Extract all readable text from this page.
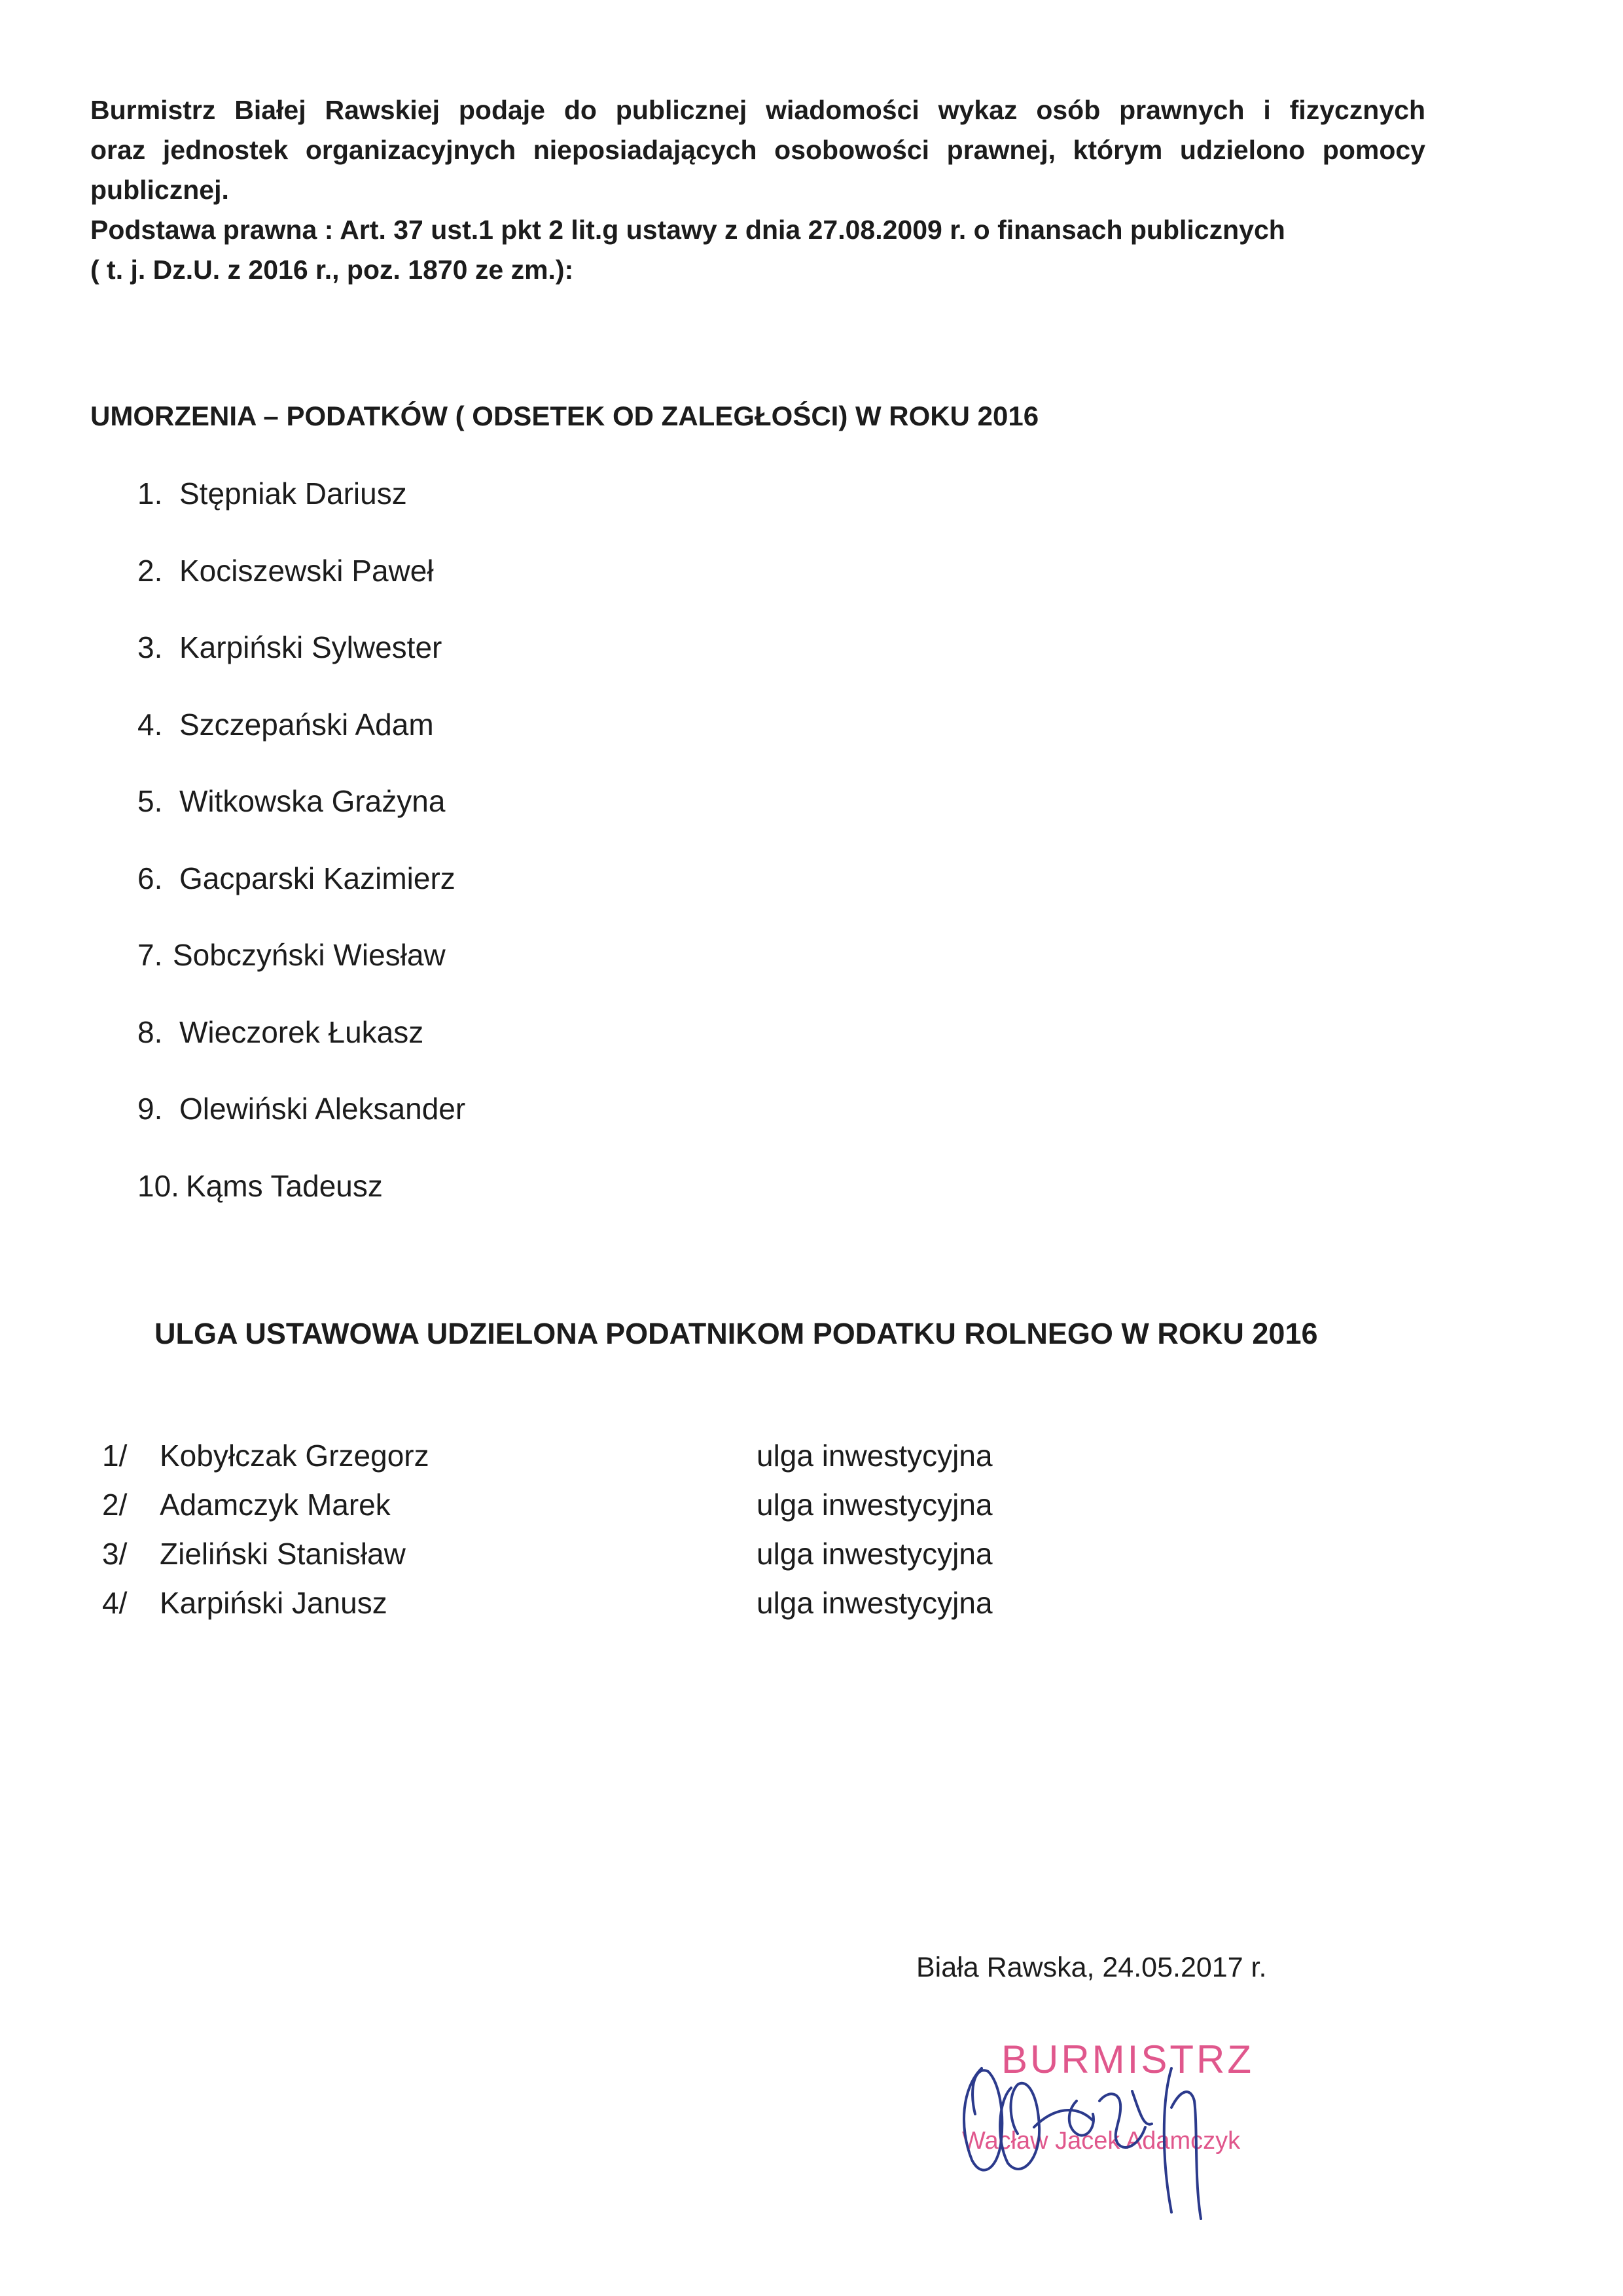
Burmistrz Białej Rawskiej podaje do publicznej wiadomości wykaz osób prawnych i fizycznych

oraz jednostek organizacyjnych nieposiadających osobowości prawnej, którym udzielono pomocy

publicznej.

Podstawa prawna : Art. 37 ust.1 pkt 2 lit.g ustawy z dnia 27.08.2009 r. o finansach publicznych

( t. j. Dz.U. z 2016 r., poz. 1870 ze zm.):

UMORZENIA – PODATKÓW ( ODSETEK OD ZALEGŁOŚCI) W ROKU 2016
1. Stępniak Dariusz
2. Kociszewski Paweł
3. Karpiński Sylwester
4. Szczepański Adam
5. Witkowska Grażyna
6. Gacparski Kazimierz
7. Sobczyński Wiesław
8. Wieczorek Łukasz
9. Olewiński Aleksander
10. Kąms Tadeusz
ULGA USTAWOWA UDZIELONA PODATNIKOM PODATKU ROLNEGO W ROKU 2016
1/ Kobyłczak Grzegorz	ulga inwestycyjna
2/ Adamczyk Marek	ulga inwestycyjna
3/ Zieliński Stanisław	ulga inwestycyjna
4/ Karpiński Janusz	ulga inwestycyjna

Biała Rawska, 24.05.2017 r.

BURMISTRZ
Wacław Jacek Adamczyk
